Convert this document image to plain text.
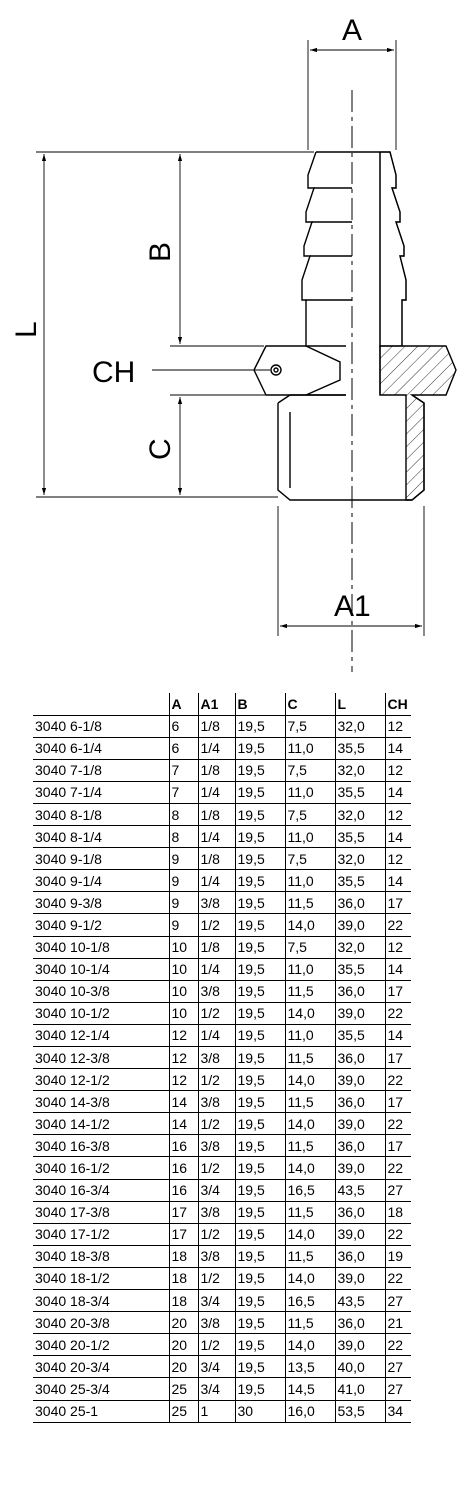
A
A1
B
C
L
CH
	A	A1	B	C	L	CH
3040 6-1/8	6	1/8	19,5	7,5	32,0	12
3040 6-1/4	6	1/4	19,5	11,0	35,5	14
3040 7-1/8	7	1/8	19,5	7,5	32,0	12
3040 7-1/4	7	1/4	19,5	11,0	35,5	14
3040 8-1/8	8	1/8	19,5	7,5	32,0	12
3040 8-1/4	8	1/4	19,5	11,0	35,5	14
3040 9-1/8	9	1/8	19,5	7,5	32,0	12
3040 9-1/4	9	1/4	19,5	11,0	35,5	14
3040 9-3/8	9	3/8	19,5	11,5	36,0	17
3040 9-1/2	9	1/2	19,5	14,0	39,0	22
3040 10-1/8	10	1/8	19,5	7,5	32,0	12
3040 10-1/4	10	1/4	19,5	11,0	35,5	14
3040 10-3/8	10	3/8	19,5	11,5	36,0	17
3040 10-1/2	10	1/2	19,5	14,0	39,0	22
3040 12-1/4	12	1/4	19,5	11,0	35,5	14
3040 12-3/8	12	3/8	19,5	11,5	36,0	17
3040 12-1/2	12	1/2	19,5	14,0	39,0	22
3040 14-3/8	14	3/8	19,5	11,5	36,0	17
3040 14-1/2	14	1/2	19,5	14,0	39,0	22
3040 16-3/8	16	3/8	19,5	11,5	36,0	17
3040 16-1/2	16	1/2	19,5	14,0	39,0	22
3040 16-3/4	16	3/4	19,5	16,5	43,5	27
3040 17-3/8	17	3/8	19,5	11,5	36,0	18
3040 17-1/2	17	1/2	19,5	14,0	39,0	22
3040 18-3/8	18	3/8	19,5	11,5	36,0	19
3040 18-1/2	18	1/2	19,5	14,0	39,0	22
3040 18-3/4	18	3/4	19,5	16,5	43,5	27
3040 20-3/8	20	3/8	19,5	11,5	36,0	21
3040 20-1/2	20	1/2	19,5	14,0	39,0	22
3040 20-3/4	20	3/4	19,5	13,5	40,0	27
3040 25-3/4	25	3/4	19,5	14,5	41,0	27
3040 25-1	25	1	30	16,0	53,5	34
